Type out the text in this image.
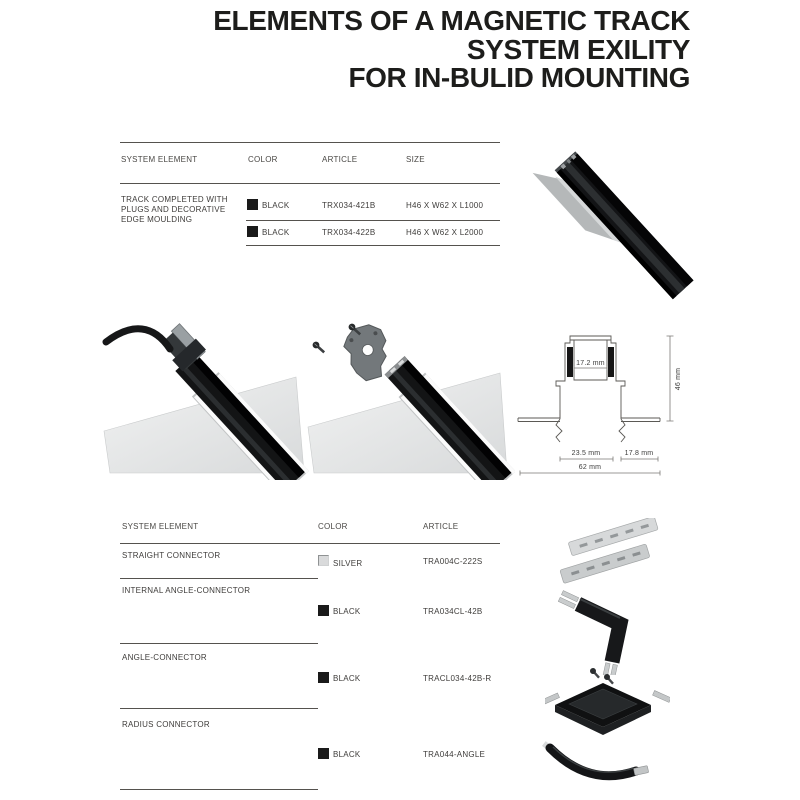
ELEMENTS OF A MAGNETIC TRACK
SYSTEM EXILITY
FOR IN-BULID MOUNTING
SYSTEM ELEMENT	COLOR	ARTICLE	SIZE
TRACK COMPLETED WITH PLUGS AND DECORATIVE EDGE MOULDING
BLACK	TRX034-421B	H46 X W62 X L1000
BLACK	TRX034-422B	H46 X W62 X L2000
17.2 mm
46 mm
23.5 mm	17.8 mm
62 mm
SYSTEM ELEMENT	COLOR	ARTICLE
STRAIGHT CONNECTOR
SILVER	TRA004C-222S
INTERNAL ANGLE-CONNECTOR
BLACK	TRA034CL-42B
ANGLE-CONNECTOR
BLACK	TRACL034-42B-R
RADIUS CONNECTOR
BLACK	TRA044-ANGLE
